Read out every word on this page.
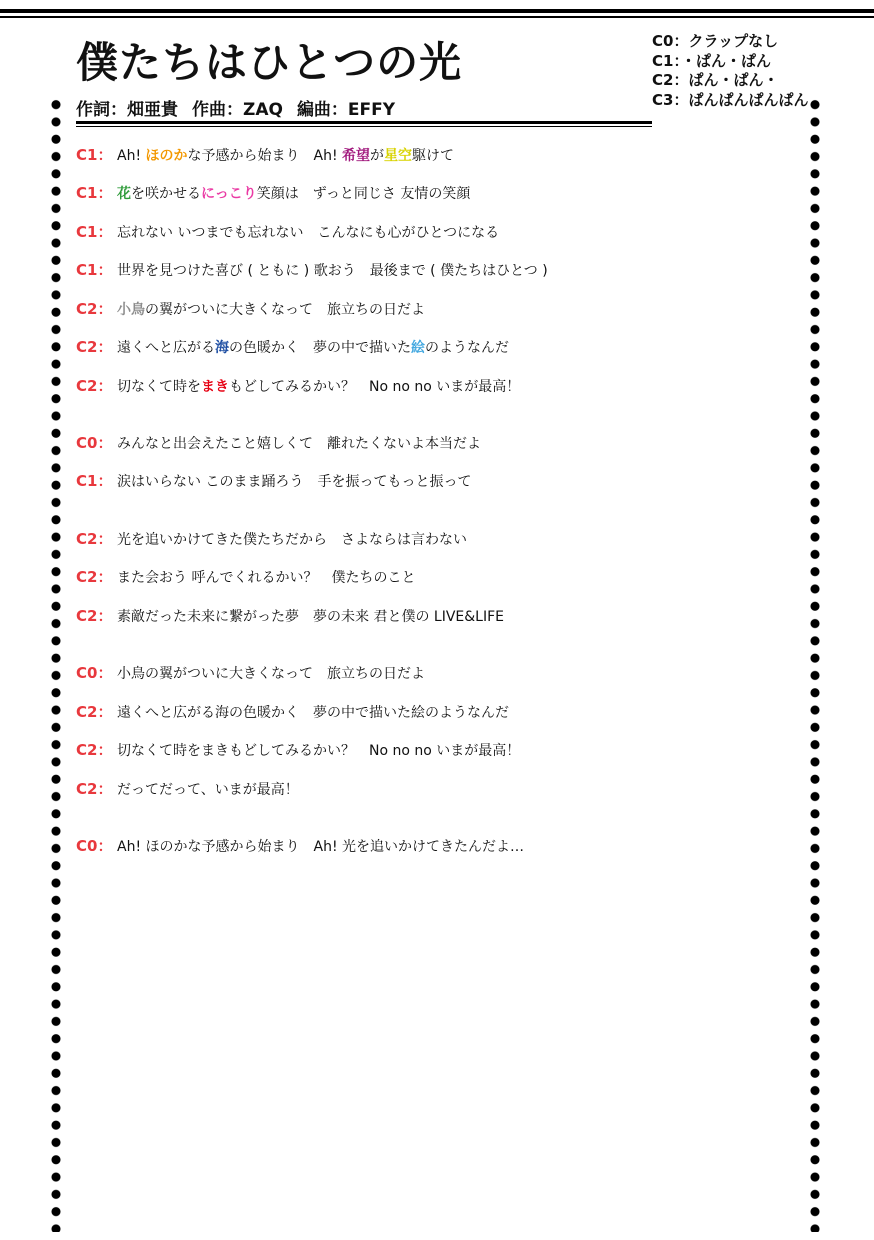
僕たちはひとつの光
作詞：畑亜貴 作曲：ZAQ 編曲：EFFY
C0：クラップなし
C1：・ぱん・ぱん
C2：ぱん・ぱん・
C3：ぱんぱんぱんぱん
C1： Ah! ほのかな予感から始まり　Ah! 希望が星空駆けて
C1： 花を咲かせるにっこり笑顔は　ずっと同じさ 友情の笑顔
C1： 忘れない いつまでも忘れない　こんなにも心がひとつになる
C1： 世界を見つけた喜び ( ともに ) 歌おう　最後まで ( 僕たちはひとつ )
C2： 小鳥の翼がついに大きくなって　旅立ちの日だよ
C2： 遠くへと広がる海の色暖かく　夢の中で描いた絵のようなんだ
C2： 切なくて時をまきもどしてみるかい？　No no no いまが最高！
C0： みんなと出会えたこと嬉しくて　離れたくないよ本当だよ
C1： 涙はいらない このまま踊ろう　手を振ってもっと振って
C2： 光を追いかけてきた僕たちだから　さよならは言わない
C2： また会おう 呼んでくれるかい？　僕たちのこと
C2： 素敵だった未来に繋がった夢　夢の未来 君と僕の LIVE&LIFE
C0： 小鳥の翼がついに大きくなって　旅立ちの日だよ
C2： 遠くへと広がる海の色暖かく　夢の中で描いた絵のようなんだ
C2： 切なくて時をまきもどしてみるかい？　No no no いまが最高！
C2： だってだって、いまが最高！
C0： Ah! ほのかな予感から始まり　Ah! 光を追いかけてきたんだよ…
